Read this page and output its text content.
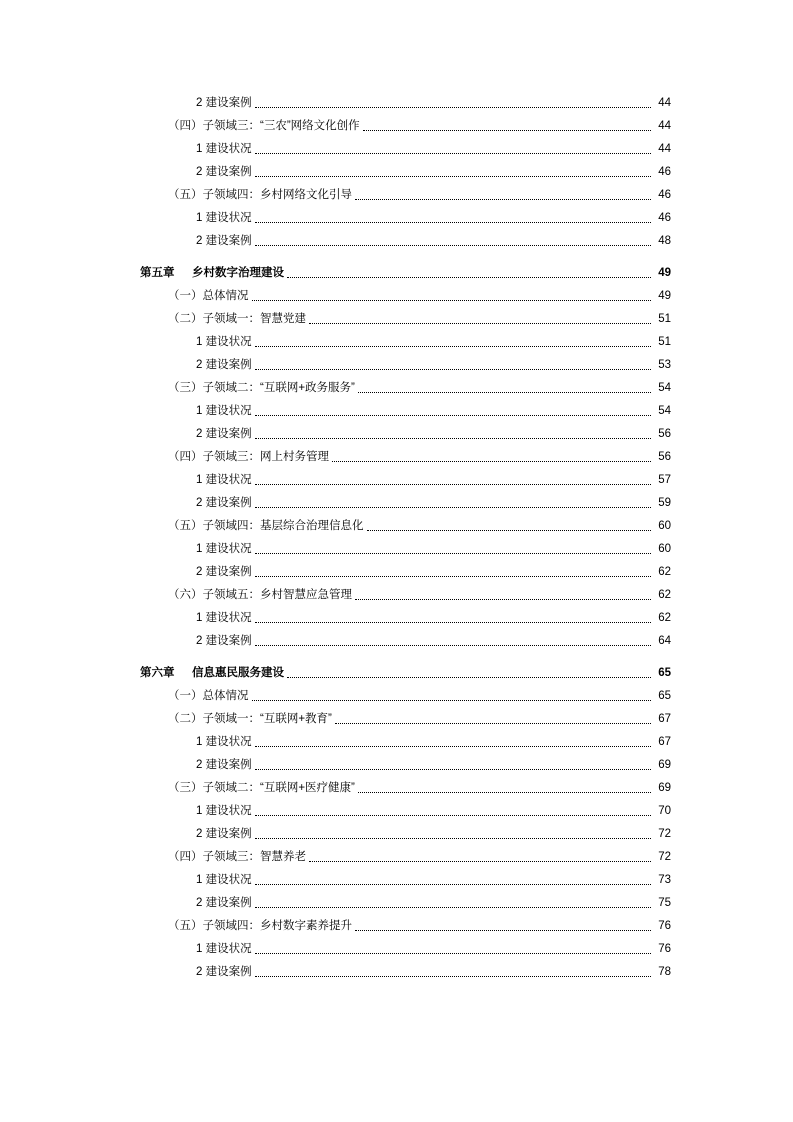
2 建设案例	44
（四）子领域三：“三农”网络文化创作	44
1 建设状况	44
2 建设案例	46
（五）子领域四：乡村网络文化引导	46
1 建设状况	46
2 建设案例	48
第五章 乡村数字治理建设	49
（一）总体情况	49
（二）子领域一：智慧党建	51
1 建设状况	51
2 建设案例	53
（三）子领域二：“互联网+政务服务”	54
1 建设状况	54
2 建设案例	56
（四）子领域三：网上村务管理	56
1 建设状况	57
2 建设案例	59
（五）子领域四：基层综合治理信息化	60
1 建设状况	60
2 建设案例	62
（六）子领域五：乡村智慧应急管理	62
1 建设状况	62
2 建设案例	64
第六章 信息惠民服务建设	65
（一）总体情况	65
（二）子领域一：“互联网+教育”	67
1 建设状况	67
2 建设案例	69
（三）子领域二：“互联网+医疗健康”	69
1 建设状况	70
2 建设案例	72
（四）子领域三：智慧养老	72
1 建设状况	73
2 建设案例	75
（五）子领域四：乡村数字素养提升	76
1 建设状况	76
2 建设案例	78
